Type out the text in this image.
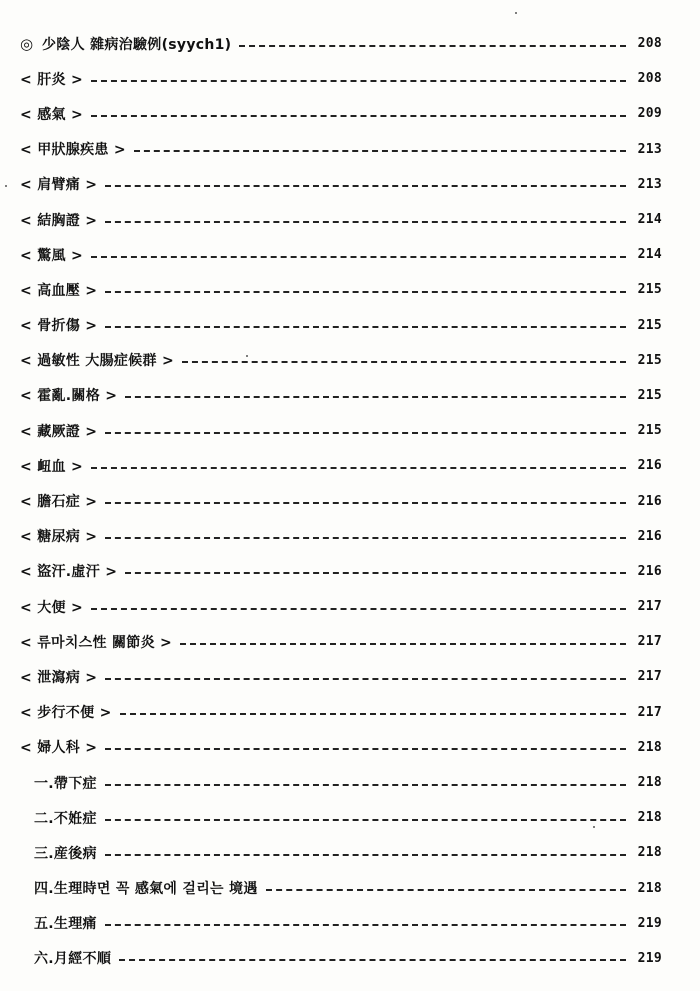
◎ 少陰人 雜病治驗例(syych1)	208
< 肝炎 >	208
< 感氣 >	209
< 甲狀腺疾患 >	213
< 肩臂痛 >	213
< 結胸證 >	214
< 驚風 >	214
< 高血壓 >	215
< 骨折傷 >	215
< 過敏性 大腸症候群 >	215
< 霍亂.關格 >	215
< 藏厥證 >	215
< 衄血 >	216
< 膽石症 >	216
< 糖尿病 >	216
< 盜汗.虛汗 >	216
< 大便 >	217
< 류마치스性 關節炎 >	217
< 泄瀉病 >	217
< 步行不便 >	217
< 婦人科 >	218
一.帶下症	218
二.不姙症	218
三.産後病	218
四.生理時면 꼭 感氣에 걸리는 境遇	218
五.生理痛	219
六.月經不順	219
